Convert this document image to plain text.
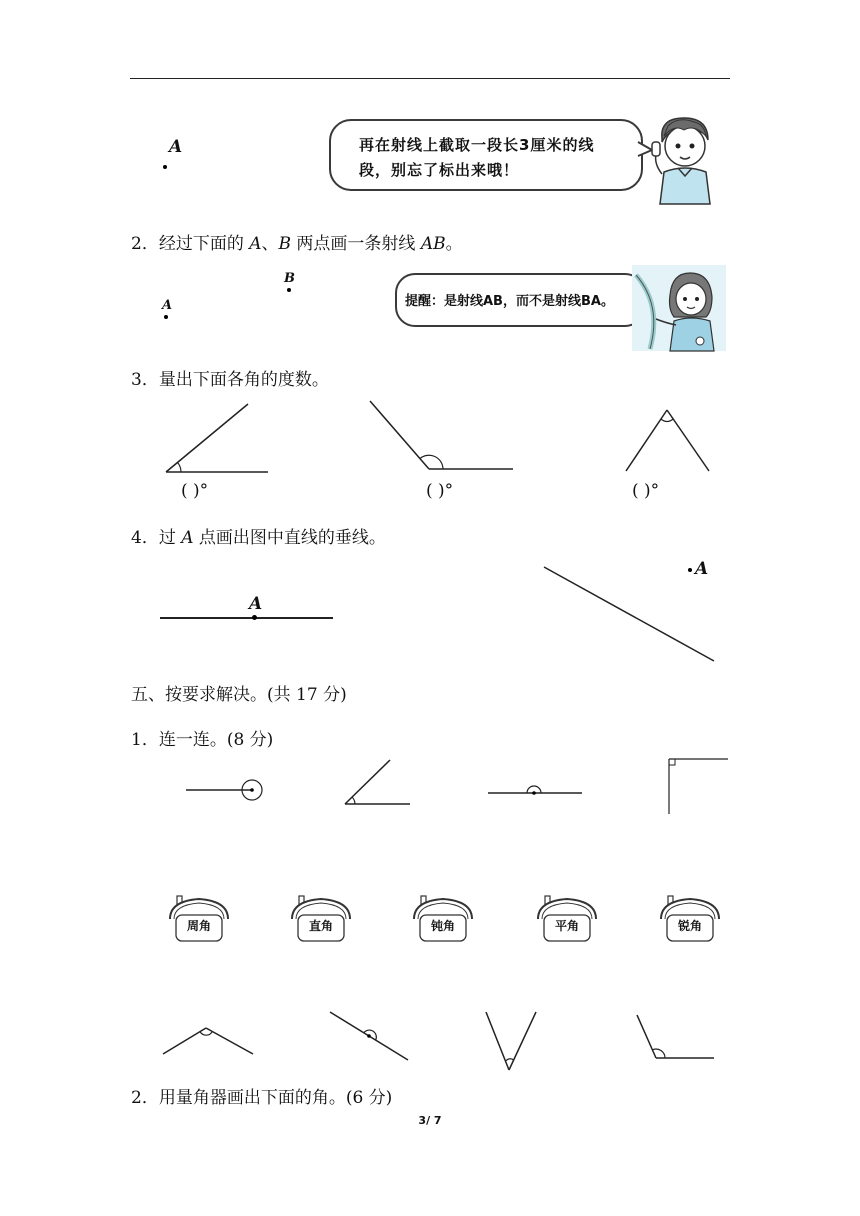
A	再在射线上截取一段长3厘米的线
段，别忘了标出来哦！
2．经过下面的 A、B 两点画一条射线 AB。
B
A	提醒：是射线AB，而不是射线BA。
3．量出下面各角的度数。
( )°	( )°	( )°
4．过 A 点画出图中直线的垂线。
A
A
五、按要求解决。(共 17 分)
1．连一连。(8 分)
周角	直角	钝角	平角	锐角
2．用量角器画出下面的角。(6 分)
3/ 7
